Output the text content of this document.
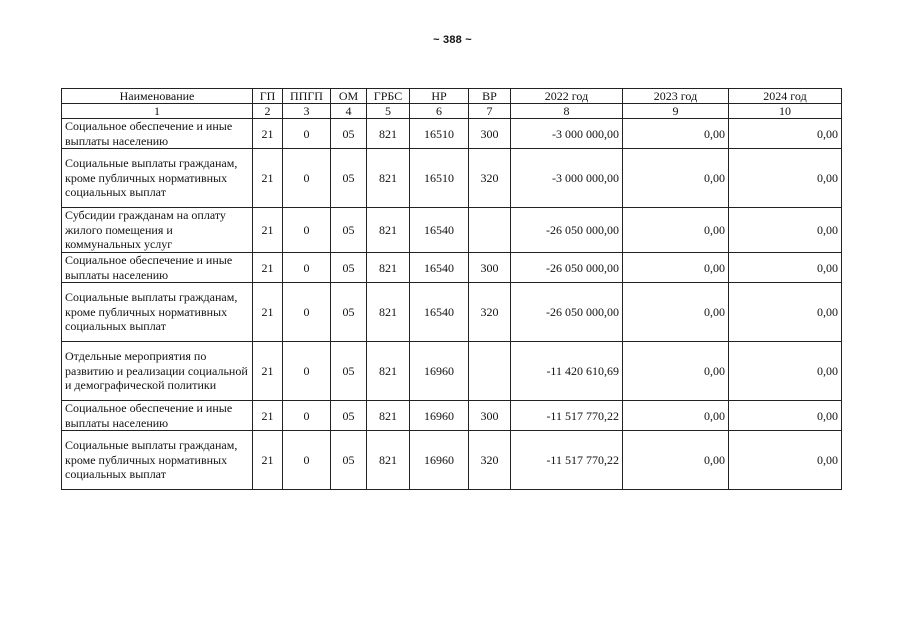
~ 388 ~
Наименование	ГП	ППГП	ОМ	ГРБС	НР	ВР	2022 год	2023 год	2024 год
1	2	3	4	5	6	7	8	9	10
Социальное обеспечение и иные выплаты населению	21	0	05	821	16510	300	-3 000 000,00	0,00	0,00
Социальные выплаты гражданам, кроме публичных нормативных социальных выплат	21	0	05	821	16510	320	-3 000 000,00	0,00	0,00
Субсидии гражданам на оплату жилого помещения и коммунальных услуг	21	0	05	821	16540		-26 050 000,00	0,00	0,00
Социальное обеспечение и иные выплаты населению	21	0	05	821	16540	300	-26 050 000,00	0,00	0,00
Социальные выплаты гражданам, кроме публичных нормативных социальных выплат	21	0	05	821	16540	320	-26 050 000,00	0,00	0,00
Отдельные мероприятия по развитию и реализации социальной и демографической политики	21	0	05	821	16960		-11 420 610,69	0,00	0,00
Социальное обеспечение и иные выплаты населению	21	0	05	821	16960	300	-11 517 770,22	0,00	0,00
Социальные выплаты гражданам, кроме публичных нормативных социальных выплат	21	0	05	821	16960	320	-11 517 770,22	0,00	0,00
